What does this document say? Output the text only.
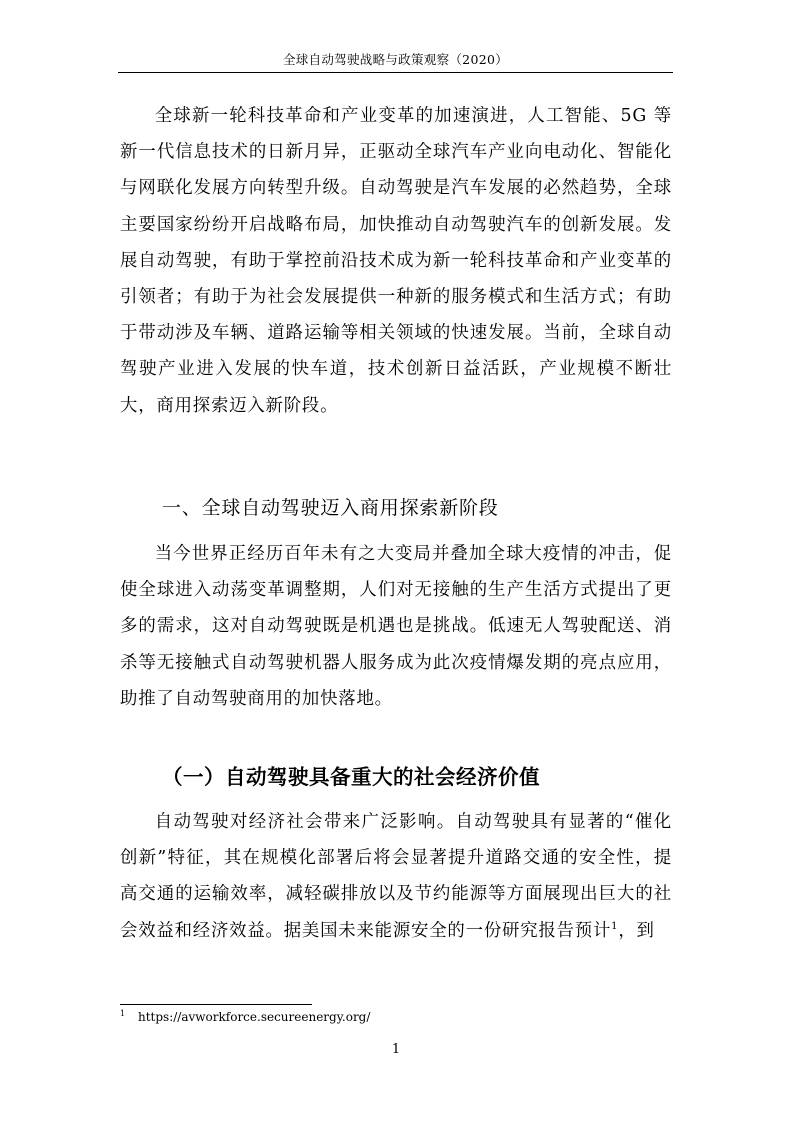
全球自动驾驶战略与政策观察（2020）

全球新一轮科技革命和产业变革的加速演进，人工智能、5G 等新一代信息技术的日新月异，正驱动全球汽车产业向电动化、智能化与网联化发展方向转型升级。自动驾驶是汽车发展的必然趋势，全球主要国家纷纷开启战略布局，加快推动自动驾驶汽车的创新发展。发展自动驾驶，有助于掌控前沿技术成为新一轮科技革命和产业变革的引领者；有助于为社会发展提供一种新的服务模式和生活方式；有助于带动涉及车辆、道路运输等相关领域的快速发展。当前，全球自动驾驶产业进入发展的快车道，技术创新日益活跃，产业规模不断壮大，商用探索迈入新阶段。

一、全球自动驾驶迈入商用探索新阶段

当今世界正经历百年未有之大变局并叠加全球大疫情的冲击，促使全球进入动荡变革调整期，人们对无接触的生产生活方式提出了更多的需求，这对自动驾驶既是机遇也是挑战。低速无人驾驶配送、消杀等无接触式自动驾驶机器人服务成为此次疫情爆发期的亮点应用，助推了自动驾驶商用的加快落地。

（一）自动驾驶具备重大的社会经济价值

自动驾驶对经济社会带来广泛影响。自动驾驶具有显著的“催化创新”特征，其在规模化部署后将会显著提升道路交通的安全性，提高交通的运输效率，减轻碳排放以及节约能源等方面展现出巨大的社会效益和经济效益。据美国未来能源安全的一份研究报告预计$^1$，到

1 https://avworkforce.secureenergy.org/

1
